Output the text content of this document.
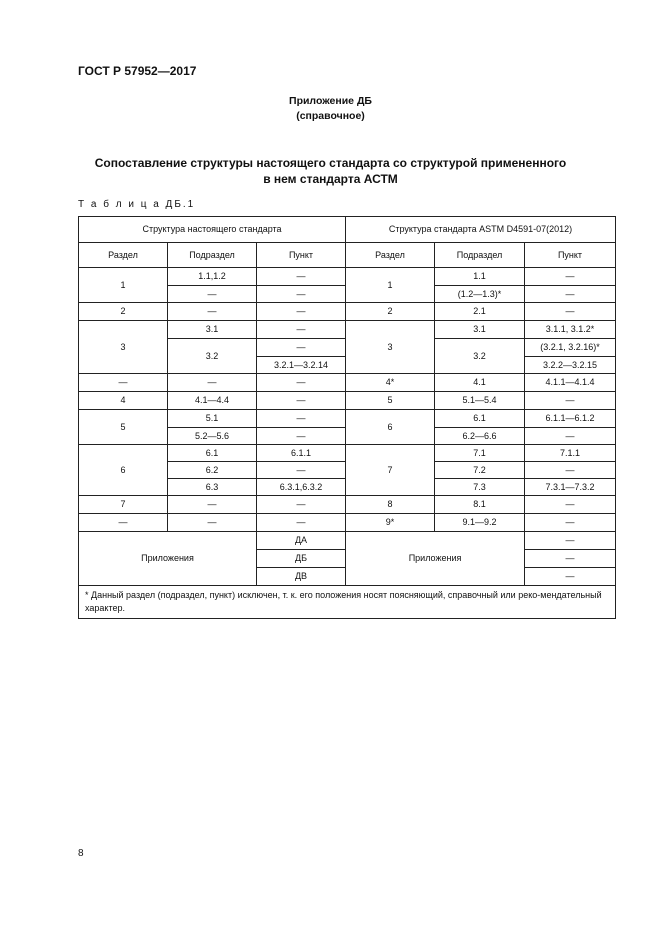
ГОСТ Р 57952—2017
Приложение ДБ
(справочное)
Сопоставление структуры настоящего стандарта со структурой примененного
в нем стандарта АСТМ
Т а б л и ц а ДБ.1
Структура настоящего стандарта			Структура стандарта ASTM D4591-07(2012)		
Раздел	Подраздел	Пункт	Раздел	Подраздел	Пункт
1	1.1,1.2	—	1	1.1	—
	—	—		(1.2—1.3)*	—
2	—	—	2	2.1	—
3	3.1	—	3	3.1	3.1.1, 3.1.2*
	3.2	—		3.2	(3.2.1, 3.2.16)*
		3.2.1—3.2.14			3.2.2—3.2.15
—	—	—	4*	4.1	4.1.1—4.1.4
4	4.1—4.4	—	5	5.1—5.4	—
5	5.1	—	6	6.1	6.1.1—6.1.2
	5.2—5.6	—		6.2—6.6	—
6	6.1	6.1.1	7	7.1	7.1.1
	6.2	—		7.2	—
	6.3	6.3.1,6.3.2		7.3	7.3.1—7.3.2
7	—	—	8	8.1	—
—	—	—	9*	9.1—9.2	—
Приложения		ДА	Приложения		—
		ДБ			—
		ДВ			—
* Данный раздел (подраздел, пункт) исключен, т. к. его положения носят поясняющий, справочный или реко-мендательный характер.					
8
